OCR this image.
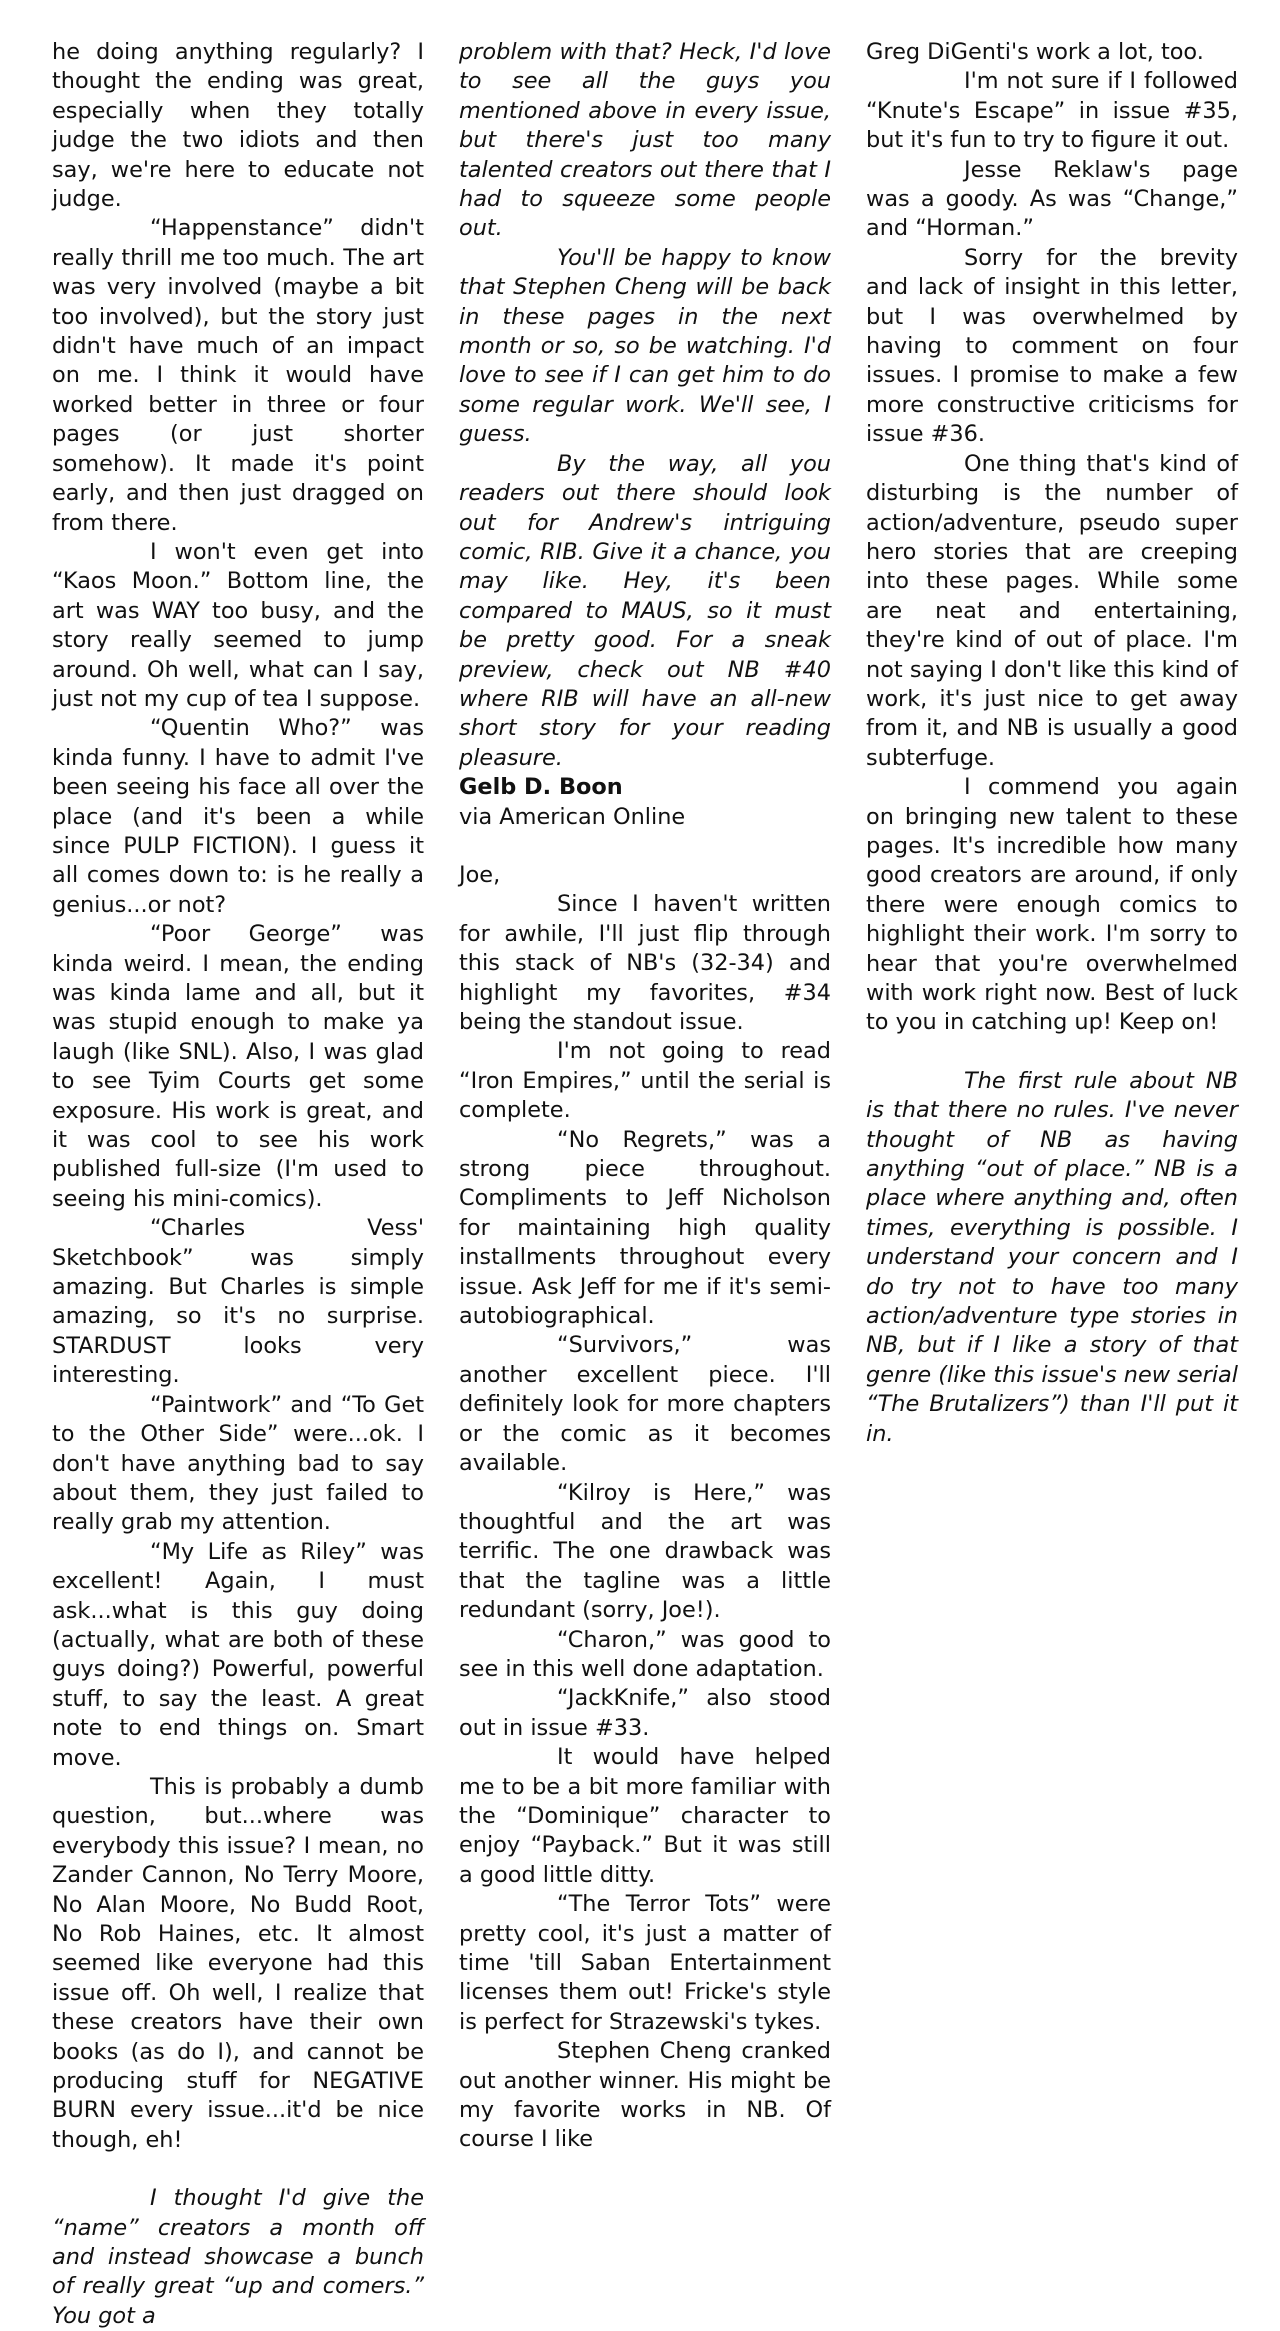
he doing anything regularly? I thought the ending was great, especially when they totally judge the two idiots and then say, we're here to educate not judge.

“Happenstance” didn't really thrill me too much. The art was very involved (maybe a bit too involved), but the story just didn't have much of an impact on me. I think it would have worked better in three or four pages (or just shorter somehow). It made it's point early, and then just dragged on from there.

I won't even get into “Kaos Moon.” Bottom line, the art was WAY too busy, and the story really seemed to jump around. Oh well, what can I say, just not my cup of tea I suppose.

“Quentin Who?” was kinda funny. I have to admit I've been seeing his face all over the place (and it's been a while since PULP FICTION). I guess it all comes down to: is he really a genius...or not?

“Poor George” was kinda weird. I mean, the ending was kinda lame and all, but it was stupid enough to make ya laugh (like SNL). Also, I was glad to see Tyim Courts get some exposure. His work is great, and it was cool to see his work published full-size (I'm used to seeing his mini-comics).

“Charles Vess' Sketchbook” was simply amazing. But Charles is simple amazing, so it's no surprise. STARDUST looks very interesting.

“Paintwork” and “To Get to the Other Side” were...ok. I don't have anything bad to say about them, they just failed to really grab my attention.

“My Life as Riley” was excellent! Again, I must ask...what is this guy doing (actually, what are both of these guys doing?) Powerful, powerful stuff, to say the least. A great note to end things on. Smart move.

This is probably a dumb question, but...where was everybody this issue? I mean, no Zander Cannon, No Terry Moore, No Alan Moore, No Budd Root, No Rob Haines, etc. It almost seemed like everyone had this issue off. Oh well, I realize that these creators have their own books (as do I), and cannot be producing stuff for NEGATIVE BURN every issue...it'd be nice though, eh!

I thought I'd give the “name” creators a month off and instead showcase a bunch of really great “up and comers.” You got a

problem with that? Heck, I'd love to see all the guys you mentioned above in every issue, but there's just too many talented creators out there that I had to squeeze some people out.

You'll be happy to know that Stephen Cheng will be back in these pages in the next month or so, so be watching. I'd love to see if I can get him to do some regular work. We'll see, I guess.

By the way, all you readers out there should look out for Andrew's intriguing comic, RIB. Give it a chance, you may like. Hey, it's been compared to MAUS, so it must be pretty good. For a sneak preview, check out NB #40 where RIB will have an all-new short story for your reading pleasure.

Gelb D. Boon

via American Online

Joe,

Since I haven't written for awhile, I'll just flip through this stack of NB's (32-34) and highlight my favorites, #34 being the standout issue.

I'm not going to read “Iron Empires,” until the serial is complete.

“No Regrets,” was a strong piece throughout. Compliments to Jeff Nicholson for maintaining high quality installments throughout every issue. Ask Jeff for me if it's semi-autobiographical.

“Survivors,” was another excellent piece. I'll definitely look for more chapters or the comic as it becomes available.

“Kilroy is Here,” was thoughtful and the art was terrific. The one drawback was that the tagline was a little redundant (sorry, Joe!).

“Charon,” was good to see in this well done adaptation.

“JackKnife,” also stood out in issue #33.

It would have helped me to be a bit more familiar with the “Dominique” character to enjoy “Payback.” But it was still a good little ditty.

“The Terror Tots” were pretty cool, it's just a matter of time 'till Saban Entertainment licenses them out! Fricke's style is perfect for Strazewski's tykes.

Stephen Cheng cranked out another winner. His might be my favorite works in NB. Of course I like

Greg DiGenti's work a lot, too.

I'm not sure if I followed “Knute's Escape” in issue #35, but it's fun to try to figure it out.

Jesse Reklaw's page was a goody. As was “Change,” and “Horman.”

Sorry for the brevity and lack of insight in this letter, but I was overwhelmed by having to comment on four issues. I promise to make a few more constructive criticisms for issue #36.

One thing that's kind of disturbing is the number of action/adventure, pseudo super hero stories that are creeping into these pages. While some are neat and entertaining, they're kind of out of place. I'm not saying I don't like this kind of work, it's just nice to get away from it, and NB is usually a good subterfuge.

I commend you again on bringing new talent to these pages. It's incredible how many good creators are around, if only there were enough comics to highlight their work. I'm sorry to hear that you're overwhelmed with work right now. Best of luck to you in catching up! Keep on!

The first rule about NB is that there no rules. I've never thought of NB as having anything “out of place.” NB is a place where anything and, often times, everything is possible. I understand your concern and I do try not to have too many action/adventure type stories in NB, but if I like a story of that genre (like this issue's new serial “The Brutalizers”) than I'll put it in.
